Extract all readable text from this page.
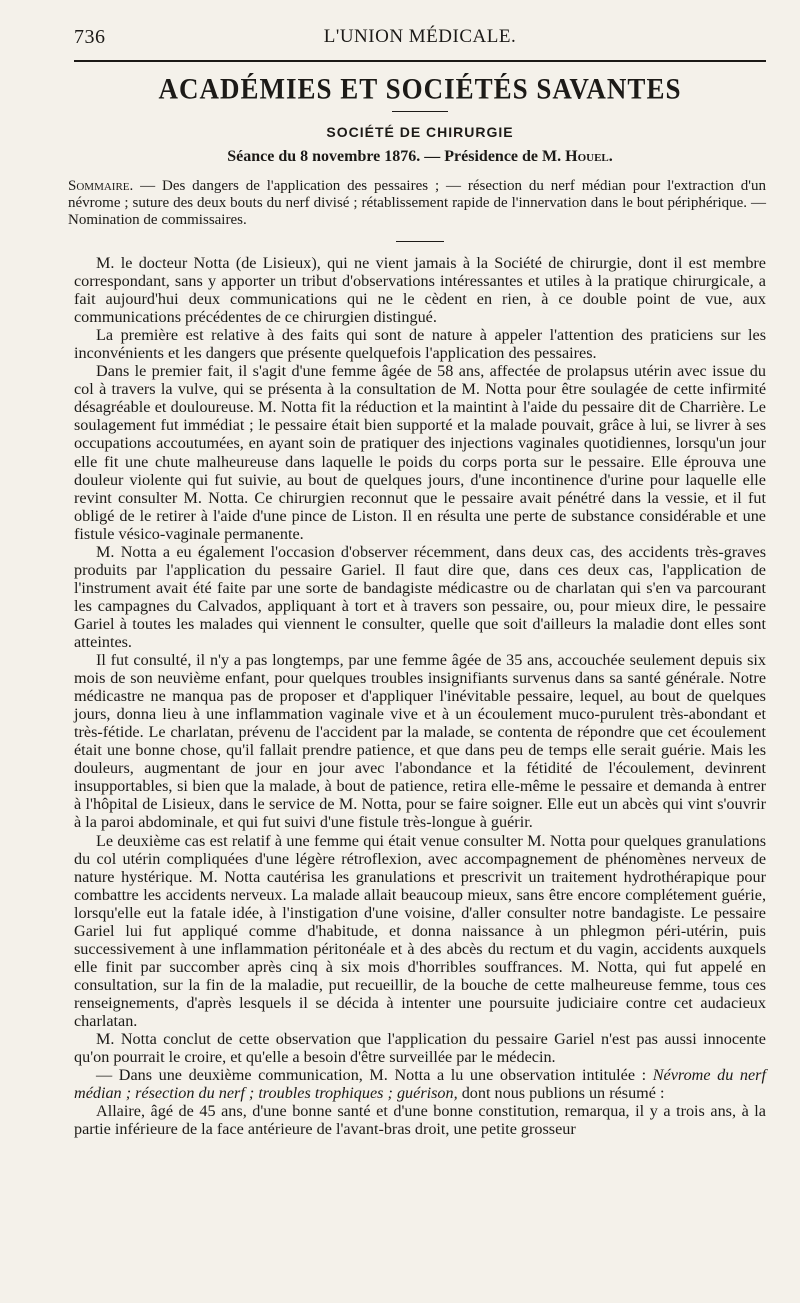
736	L'UNION MÉDICALE.
ACADÉMIES ET SOCIÉTÉS SAVANTES
SOCIÉTÉ DE CHIRURGIE
Séance du 8 novembre 1876. — Présidence de M. Houel.
Sommaire. — Des dangers de l'application des pessaires ; — résection du nerf médian pour l'extraction d'un névrome ; suture des deux bouts du nerf divisé ; rétablissement rapide de l'innervation dans le bout périphérique. — Nomination de commissaires.

M. le docteur Notta (de Lisieux), qui ne vient jamais à la Société de chirurgie, dont il est membre correspondant, sans y apporter un tribut d'observations intéressantes et utiles à la pratique chirurgicale, a fait aujourd'hui deux communications qui ne le cèdent en rien, à ce double point de vue, aux communications précédentes de ce chirurgien distingué.

La première est relative à des faits qui sont de nature à appeler l'attention des praticiens sur les inconvénients et les dangers que présente quelquefois l'application des pessaires.

Dans le premier fait, il s'agit d'une femme âgée de 58 ans, affectée de prolapsus utérin avec issue du col à travers la vulve, qui se présenta à la consultation de M. Notta pour être soulagée de cette infirmité désagréable et douloureuse. M. Notta fit la réduction et la maintint à l'aide du pessaire dit de Charrière. Le soulagement fut immédiat ; le pessaire était bien supporté et la malade pouvait, grâce à lui, se livrer à ses occupations accoutumées, en ayant soin de pratiquer des injections vaginales quotidiennes, lorsqu'un jour elle fit une chute malheureuse dans laquelle le poids du corps porta sur le pessaire. Elle éprouva une douleur violente qui fut suivie, au bout de quelques jours, d'une incontinence d'urine pour laquelle elle revint consulter M. Notta. Ce chirurgien reconnut que le pessaire avait pénétré dans la vessie, et il fut obligé de le retirer à l'aide d'une pince de Liston. Il en résulta une perte de substance considérable et une fistule vésico-vaginale permanente.

M. Notta a eu également l'occasion d'observer récemment, dans deux cas, des accidents très-graves produits par l'application du pessaire Gariel. Il faut dire que, dans ces deux cas, l'application de l'instrument avait été faite par une sorte de bandagiste médicastre ou de charlatan qui s'en va parcourant les campagnes du Calvados, appliquant à tort et à travers son pessaire, ou, pour mieux dire, le pessaire Gariel à toutes les malades qui viennent le consulter, quelle que soit d'ailleurs la maladie dont elles sont atteintes.

Il fut consulté, il n'y a pas longtemps, par une femme âgée de 35 ans, accouchée seulement depuis six mois de son neuvième enfant, pour quelques troubles insignifiants survenus dans sa santé générale. Notre médicastre ne manqua pas de proposer et d'appliquer l'inévitable pessaire, lequel, au bout de quelques jours, donna lieu à une inflammation vaginale vive et à un écoulement muco-purulent très-abondant et très-fétide. Le charlatan, prévenu de l'accident par la malade, se contenta de répondre que cet écoulement était une bonne chose, qu'il fallait prendre patience, et que dans peu de temps elle serait guérie. Mais les douleurs, augmentant de jour en jour avec l'abondance et la fétidité de l'écoulement, devinrent insupportables, si bien que la malade, à bout de patience, retira elle-même le pessaire et demanda à entrer à l'hôpital de Lisieux, dans le service de M. Notta, pour se faire soigner. Elle eut un abcès qui vint s'ouvrir à la paroi abdominale, et qui fut suivi d'une fistule très-longue à guérir.

Le deuxième cas est relatif à une femme qui était venue consulter M. Notta pour quelques granulations du col utérin compliquées d'une légère rétroflexion, avec accompagnement de phénomènes nerveux de nature hystérique. M. Notta cautérisa les granulations et prescrivit un traitement hydrothérapique pour combattre les accidents nerveux. La malade allait beaucoup mieux, sans être encore complétement guérie, lorsqu'elle eut la fatale idée, à l'instigation d'une voisine, d'aller consulter notre bandagiste. Le pessaire Gariel lui fut appliqué comme d'habitude, et donna naissance à un phlegmon péri-utérin, puis successivement à une inflammation péritonéale et à des abcès du rectum et du vagin, accidents auxquels elle finit par succomber après cinq à six mois d'horribles souffrances. M. Notta, qui fut appelé en consultation, sur la fin de la maladie, put recueillir, de la bouche de cette malheureuse femme, tous ces renseignements, d'après lesquels il se décida à intenter une poursuite judiciaire contre cet audacieux charlatan.

M. Notta conclut de cette observation que l'application du pessaire Gariel n'est pas aussi innocente qu'on pourrait le croire, et qu'elle a besoin d'être surveillée par le médecin.

— Dans une deuxième communication, M. Notta a lu une observation intitulée : Névrome du nerf médian ; résection du nerf ; troubles trophiques ; guérison, dont nous publions un résumé :

Allaire, âgé de 45 ans, d'une bonne santé et d'une bonne constitution, remarqua, il y a trois ans, à la partie inférieure de la face antérieure de l'avant-bras droit, une petite grosseur
